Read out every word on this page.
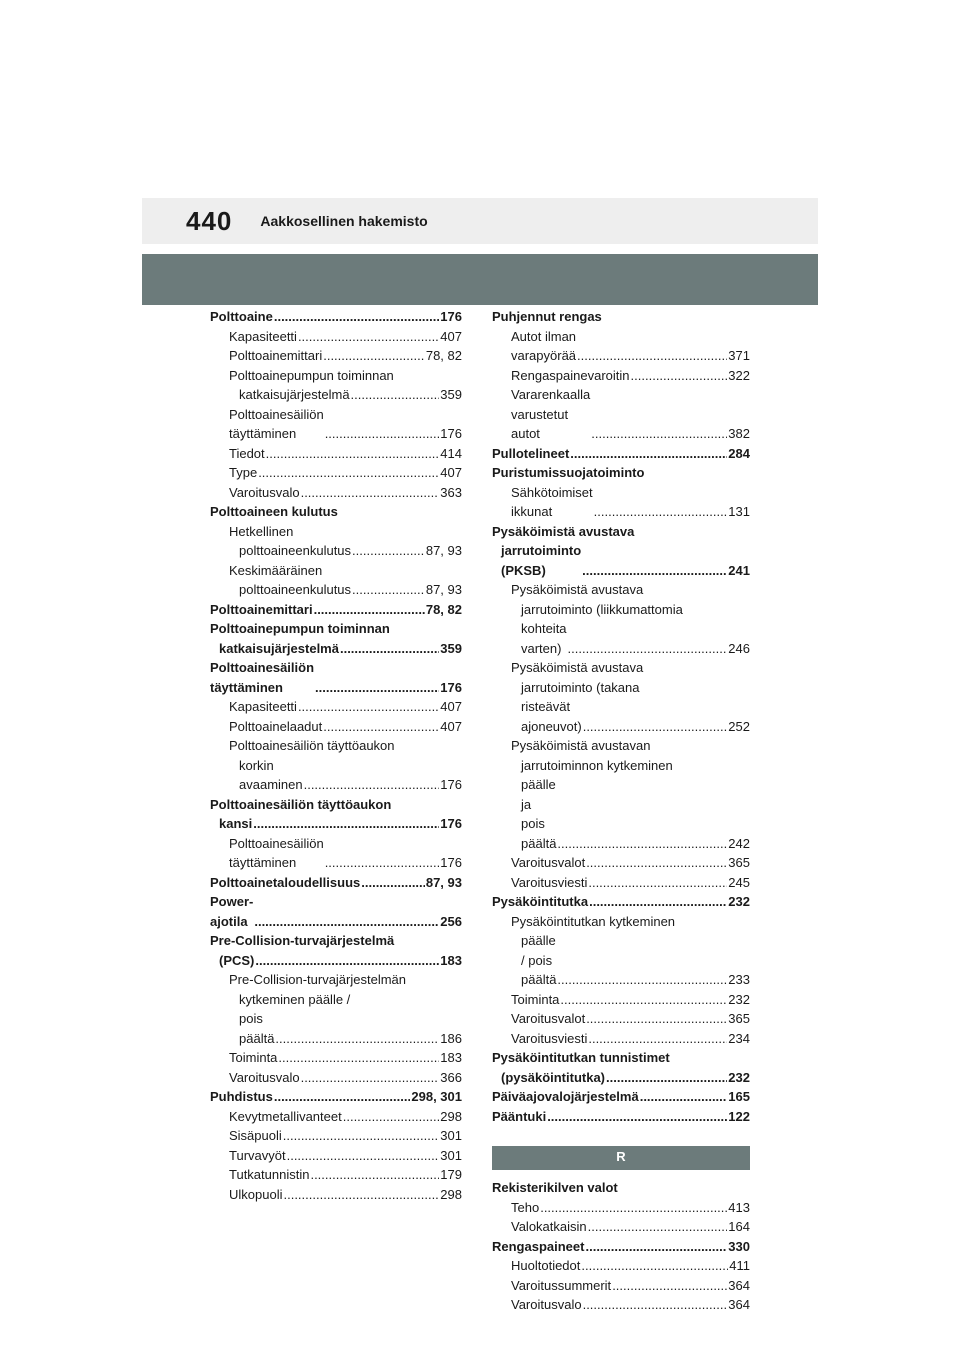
440 Aakkosellinen hakemisto
Polttoaine .....	176
Kapasiteetti .....	407
Polttoainemittari .....	78, 82
Polttoainepumpun toiminnan
katkaisujärjestelmä .....	359
Polttoainesäiliön täyttäminen .....	176
Tiedot .....	414
Type .....	407
Varoitusvalo .....	363
Polttoaineen kulutus
Hetkellinen
polttoaineenkulutus .....	87, 93
Keskimääräinen
polttoaineenkulutus .....	87, 93
Polttoainemittari .....	78, 82
Polttoainepumpun toiminnan
katkaisujärjestelmä .....	359
Polttoainesäiliön täyttäminen .....	176
Kapasiteetti .....	407
Polttoainelaadut .....	407
Polttoainesäiliön täyttöaukon
korkin avaaminen .....	176
Polttoainesäiliön täyttöaukon
kansi .....	176
Polttoainesäiliön täyttäminen .....	176
Polttoainetaloudellisuus .....	87, 93
Power-ajotila .....	256
Pre-Collision-turvajärjestelmä
(PCS) .....	183
Pre-Collision-turvajärjestelmän
kytkeminen päälle /
pois päältä .....	186
Toiminta .....	183
Varoitusvalo .....	366
Puhdistus .....	298, 301
Kevytmetallivanteet .....	298
Sisäpuoli .....	301
Turvavyöt .....	301
Tutkatunnistin .....	179
Ulkopuoli .....	298
Puhjennut rengas
Autot ilman varapyörää .....	371
Rengaspainevaroitin .....	322
Vararenkaalla varustetut autot .....	382
Pullotelineet .....	284
Puristumissuojatoiminto
Sähkötoimiset ikkunat .....	131
Pysäköimistä avustava
jarrutoiminto (PKSB) .....	241
Pysäköimistä avustava
jarrutoiminto (liikkumattomia
kohteita varten) .....	246
Pysäköimistä avustava
jarrutoiminto (takana
risteävät ajoneuvot) .....	252
Pysäköimistä avustavan
jarrutoiminnon kytkeminen
päälle ja pois päältä .....	242
Varoitusvalot .....	365
Varoitusviesti .....	245
Pysäköintitutka .....	232
Pysäköintitutkan kytkeminen
päälle / pois päältä .....	233
Toiminta .....	232
Varoitusvalot .....	365
Varoitusviesti .....	234
Pysäköintitutkan tunnistimet
(pysäköintitutka) .....	232
Päiväajovalojärjestelmä .....	165
Pääntuki .....	122
R
Rekisterikilven valot
Teho .....	413
Valokatkaisin .....	164
Rengaspaineet .....	330
Huoltotiedot .....	411
Varoitussummerit .....	364
Varoitusvalo .....	364
